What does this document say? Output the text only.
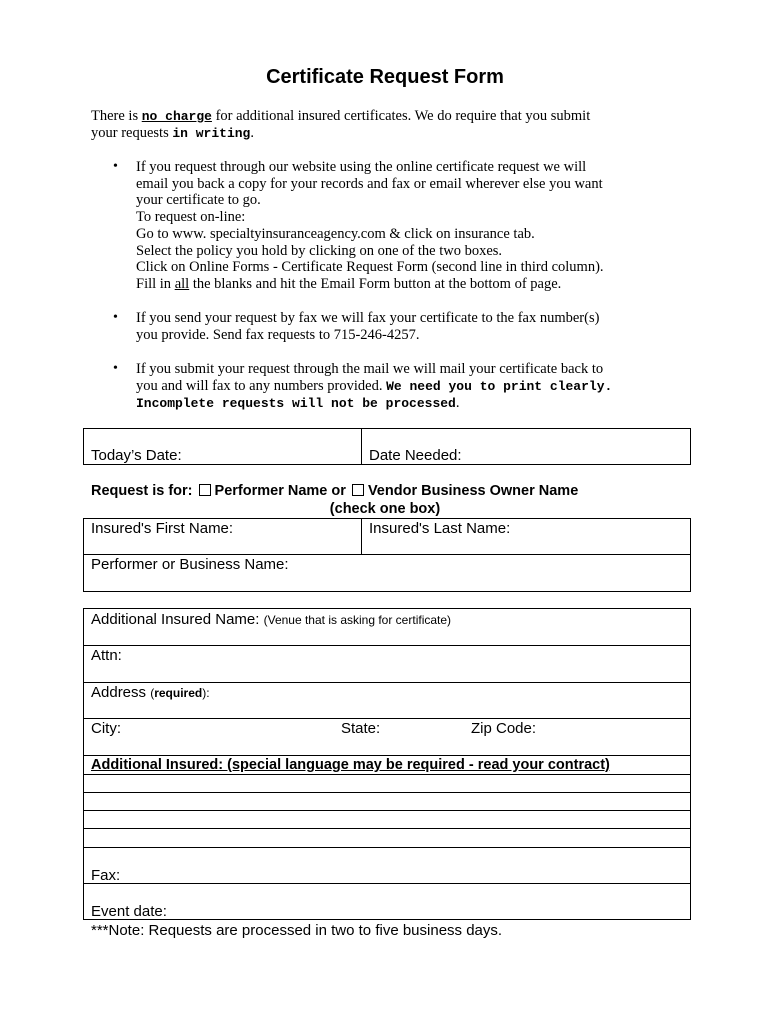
Certificate Request Form
There is no charge for additional insured certificates. We do require that you submit
your requests in writing.
• If you request through our website using the online certificate request we will
email you back a copy for your records and fax or email wherever else you want
your certificate to go.
To request on-line:
Go to www. specialtyinsuranceagency.com & click on insurance tab.
Select the policy you hold by clicking on one of the two boxes.
Click on Online Forms - Certificate Request Form (second line in third column).
Fill in all the blanks and hit the Email Form button at the bottom of page.
• If you send your request by fax we will fax your certificate to the fax number(s)
you provide. Send fax requests to 715-246-4257.
• If you submit your request through the mail we will mail your certificate back to
you and will fax to any numbers provided. We need you to print clearly.
Incomplete requests will not be processed.
Today’s Date:	Date Needed:
Request is for: Performer Name or Vendor Business Owner Name
(check one box)
Insured's First Name:	Insured's Last Name:
Performer or Business Name:
Additional Insured Name: (Venue that is asking for certificate)
Attn:
Address (required):
City:	State:	Zip Code:
Additional Insured: (special language may be required - read your contract)
Fax:
Event date:
***Note: Requests are processed in two to five business days.
